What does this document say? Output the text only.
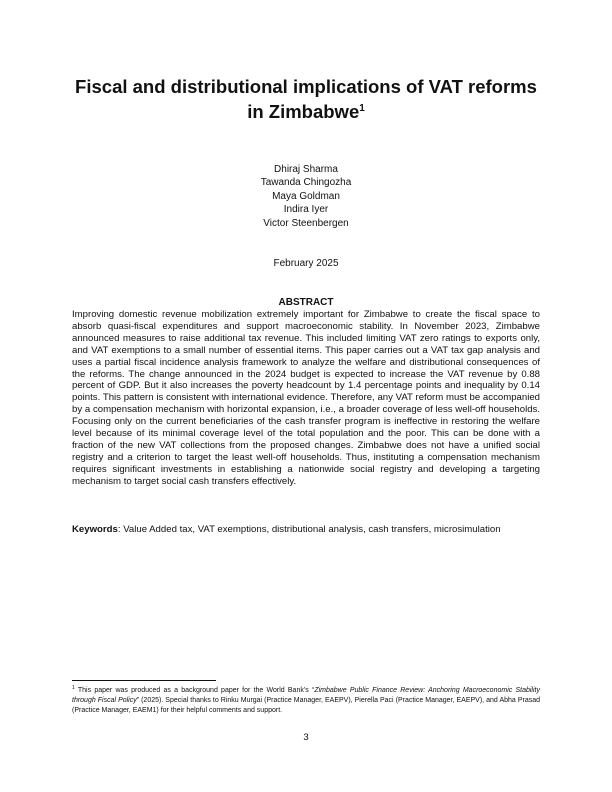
Fiscal and distributional implications of VAT reforms in Zimbabwe$^1$
Dhiraj Sharma
Tawanda Chingozha
Maya Goldman
Indira Iyer
Victor Steenbergen
February 2025
ABSTRACT

Improving domestic revenue mobilization extremely important for Zimbabwe to create the fiscal space to absorb quasi-fiscal expenditures and support macroeconomic stability. In November 2023, Zimbabwe announced measures to raise additional tax revenue. This included limiting VAT zero ratings to exports only, and VAT exemptions to a small number of essential items. This paper carries out a VAT tax gap analysis and uses a partial fiscal incidence analysis framework to analyze the welfare and distributional consequences of the reforms. The change announced in the 2024 budget is expected to increase the VAT revenue by 0.88 percent of GDP. But it also increases the poverty headcount by 1.4 percentage points and inequality by 0.14 points. This pattern is consistent with international evidence. Therefore, any VAT reform must be accompanied by a compensation mechanism with horizontal expansion, i.e., a broader coverage of less well-off households. Focusing only on the current beneficiaries of the cash transfer program is ineffective in restoring the welfare level because of its minimal coverage level of the total population and the poor. This can be done with a fraction of the new VAT collections from the proposed changes. Zimbabwe does not have a unified social registry and a criterion to target the least well-off households. Thus, instituting a compensation mechanism requires significant investments in establishing a nationwide social registry and developing a targeting mechanism to target social cash transfers effectively.

Keywords: Value Added tax, VAT exemptions, distributional analysis, cash transfers, microsimulation

$^1$ This paper was produced as a background paper for the World Bank’s “Zimbabwe Public Finance Review: Anchoring Macroeconomic Stability through Fiscal Policy” (2025). Special thanks to Rinku Murgai (Practice Manager, EAEPV), Pierella Paci (Practice Manager, EAEPV), and Abha Prasad (Practice Manager, EAEM1) for their helpful comments and support.

3
